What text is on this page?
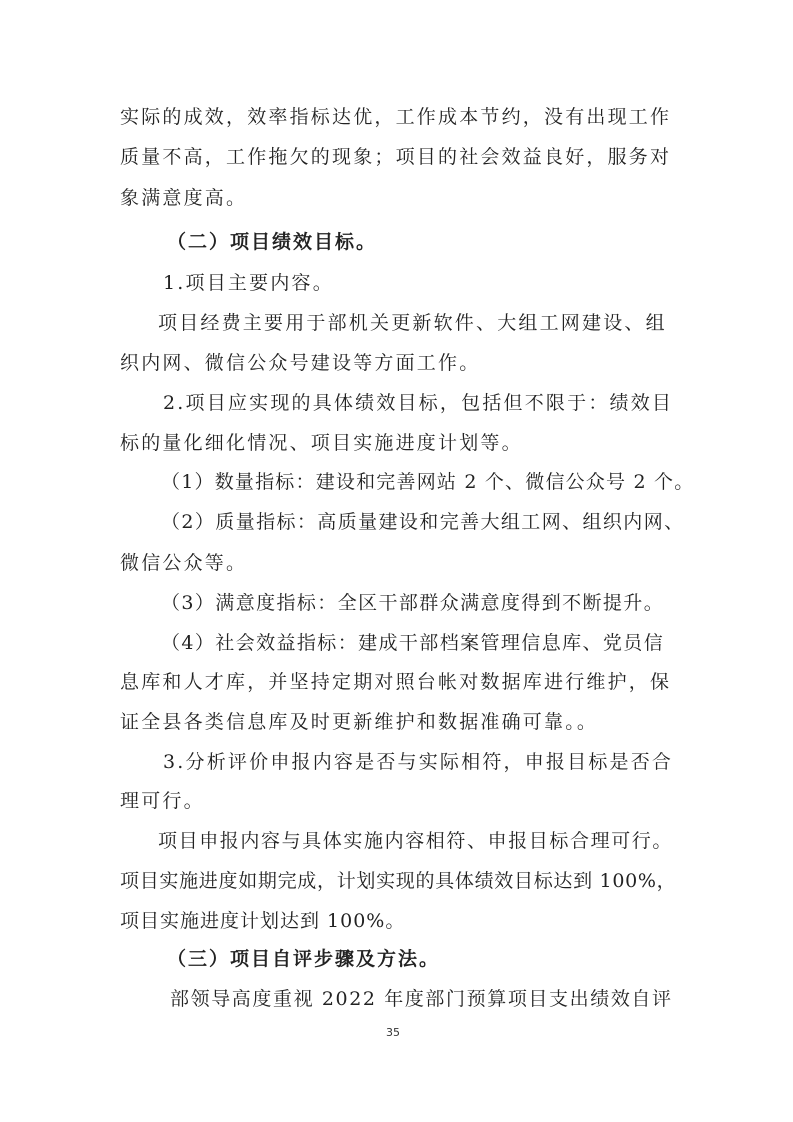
实际的成效，效率指标达优，工作成本节约，没有出现工作
质量不高，工作拖欠的现象；项目的社会效益良好，服务对
象满意度高。
（二）项目绩效目标。
1.项目主要内容。
项目经费主要用于部机关更新软件、大组工网建设、组
织内网、微信公众号建设等方面工作。
2.项目应实现的具体绩效目标，包括但不限于：绩效目
标的量化细化情况、项目实施进度计划等。
（1）数量指标：建设和完善网站 2 个、微信公众号 2 个。
（2）质量指标：高质量建设和完善大组工网、组织内网、
微信公众等。
（3）满意度指标：全区干部群众满意度得到不断提升。
（4）社会效益指标：建成干部档案管理信息库、党员信
息库和人才库，并坚持定期对照台帐对数据库进行维护，保
证全县各类信息库及时更新维护和数据准确可靠。。
3.分析评价申报内容是否与实际相符，申报目标是否合
理可行。
项目申报内容与具体实施内容相符、申报目标合理可行。
项目实施进度如期完成，计划实现的具体绩效目标达到 100%，
项目实施进度计划达到 100%。
（三）项目自评步骤及方法。
部领导高度重视 2022 年度部门预算项目支出绩效自评
35
